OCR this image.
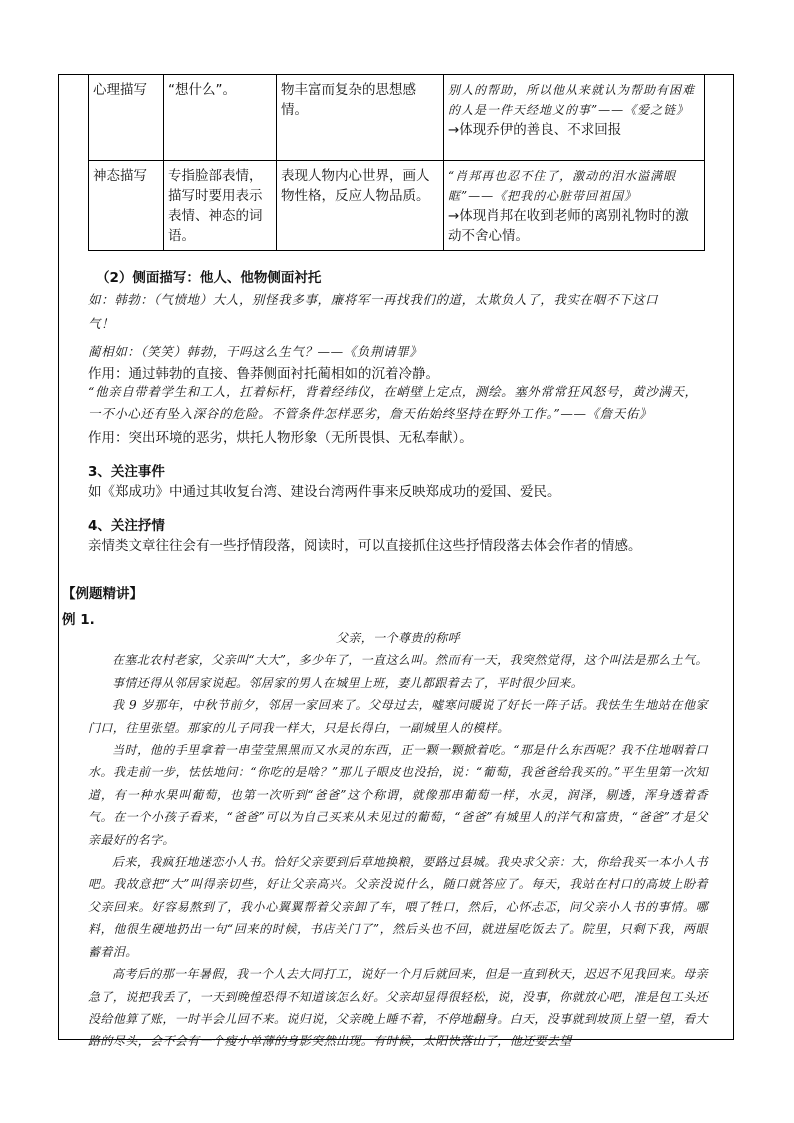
心理描写	“想什么”。	物丰富而复杂的思想感情。	别人的帮助，所以他从来就认为帮助有困难的人是一件天经地义的事”——《爱之链》
→体现乔伊的善良、不求回报

神态描写	专指脸部表情，描写时要用表示表情、神态的词语。	表现人物内心世界，画人物性格，反应人物品质。	“肖邦再也忍不住了，激动的泪水溢满眼眶”——《把我的心脏带回祖国》
→体现肖邦在收到老师的离别礼物时的激动不舍心情。
（2）侧面描写：他人、他物侧面衬托
如：韩勃：（气愤地）大人，别怪我多事，廉将军一再找我们的道，太欺负人了，我实在咽不下这口
气！
蔺相如：（笑笑）韩勃，干吗这么生气？——《负荆请罪》
作用：通过韩勃的直接、鲁莽侧面衬托蔺相如的沉着冷静。
“他亲自带着学生和工人，扛着标杆，背着经纬仪，在峭壁上定点，测绘。塞外常常狂风怒号，黄沙满天，
一不小心还有坠入深谷的危险。不管条件怎样恶劣，詹天佑始终坚持在野外工作。”——《詹天佑》
作用：突出环境的恶劣，烘托人物形象（无所畏惧、无私奉献）。
3、关注事件
如《郑成功》中通过其收复台湾、建设台湾两件事来反映郑成功的爱国、爱民。
4、关注抒情
亲情类文章往往会有一些抒情段落，阅读时，可以直接抓住这些抒情段落去体会作者的情感。
【例题精讲】
例 1.

父亲，一个尊贵的称呼

在塞北农村老家，父亲叫“大大”，多少年了，一直这么叫。然而有一天，我突然觉得，这个叫法是那么土气。

事情还得从邻居家说起。邻居家的男人在城里上班，妻儿都跟着去了，平时很少回来。

我 9 岁那年，中秋节前夕，邻居一家回来了。父母过去，嘘寒问暖说了好长一阵子话。我怯生生地站在他家门口，往里张望。那家的儿子同我一样大，只是长得白，一副城里人的模样。

当时，他的手里拿着一串莹莹黑黑而又水灵的东西，正一颗一颗掀着吃。“那是什么东西呢？我不住地咽着口水。我走前一步，怯怯地问：“你吃的是啥？”那儿子眼皮也没抬，说：“葡萄，我爸爸给我买的。”平生里第一次知道，有一种水果叫葡萄，也第一次听到“爸爸”这个称谓，就像那串葡萄一样，水灵，润泽，剔透，浑身透着香气。在一个小孩子看来，“爸爸”可以为自己买来从未见过的葡萄，“爸爸”有城里人的洋气和富贵，“爸爸”才是父亲最好的名字。

后来，我疯狂地迷恋小人书。恰好父亲要到后草地换粮，要路过县城。我央求父亲：大，你给我买一本小人书吧。我故意把“大”叫得亲切些，好让父亲高兴。父亲没说什么，随口就答应了。每天，我站在村口的高坡上盼着父亲回来。好容易熬到了，我小心翼翼帮着父亲卸了车，喂了牲口，然后，心怀忐忑，问父亲小人书的事情。哪料，他很生硬地扔出一句“回来的时候，书店关门了”，然后头也不回，就进屋吃饭去了。院里，只剩下我，两眼蓄着泪。

高考后的那一年暑假，我一个人去大同打工，说好一个月后就回来，但是一直到秋天，迟迟不见我回来。母亲急了，说把我丢了，一天到晚惶恐得不知道该怎么好。父亲却显得很轻松，说，没事，你就放心吧，准是包工头还没给他算了账，一时半会儿回不来。说归说，父亲晚上睡不着，不停地翻身。白天，没事就到坡顶上望一望，看大路的尽头，会不会有一个瘦小单薄的身影突然出现。有时候，太阳快落山了，他还要去望
